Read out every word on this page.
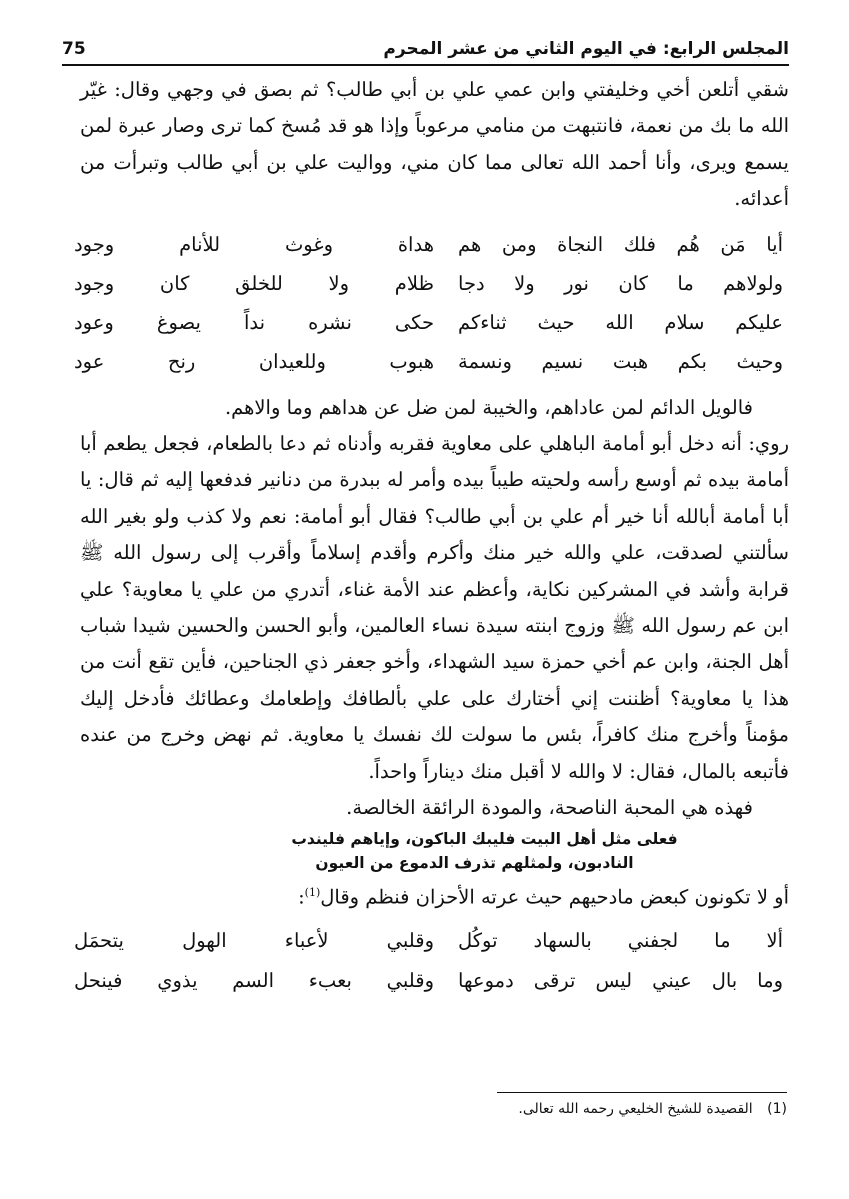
75	المجلس الرابع: في اليوم الثاني من عشر المحرم

شقي أتلعن أخي وخليفتي وابن عمي علي بن أبي طالب؟ ثم بصق في وجهي وقال: غيّر الله ما بك من نعمة، فانتبهت من منامي مرعوباً وإذا هو قد مُسخ كما ترى وصار عبرة لمن يسمع ويرى، وأنا أحمد الله تعالى مما كان مني، ووالیت علي بن أبي طالب وتبرأت من أعدائه.

أيا مَن هُم فلك النجاة ومن هم
هداة وغوث للأنام وجود
ولولاهم ما كان نور ولا دجا
ظلام ولا للخلق كان وجود
عليكم سلام الله حيث ثناءكم
حكى نشره نداً يصوغ وعود
وحيث بكم هبت نسيم ونسمة
هبوب وللعيدان رنح عود

فالويل الدائم لمن عاداهم، والخيبة لمن ضل عن هداهم وما والاهم.

روي: أنه دخل أبو أمامة الباهلي على معاوية فقربه وأدناه ثم دعا بالطعام، فجعل يطعم أبا أمامة بيده ثم أوسع رأسه ولحيته طيباً بيده وأمر له ببدرة من دنانير فدفعها إليه ثم قال: يا أبا أمامة أبالله أنا خير أم علي بن أبي طالب؟ فقال أبو أمامة: نعم ولا كذب ولو بغير الله سألتني لصدقت، علي والله خير منك وأكرم وأقدم إسلاماً وأقرب إلى رسول الله ﷺ قرابة وأشد في المشركين نكاية، وأعظم عند الأمة غناء، أتدري من علي يا معاوية؟ علي ابن عم رسول الله ﷺ وزوج ابنته سيدة نساء العالمين، وأبو الحسن والحسين شيدا شباب أهل الجنة، وابن عم أخي حمزة سيد الشهداء، وأخو جعفر ذي الجناحين، فأين تقع أنت من هذا يا معاوية؟ أظننت إني أختارك على علي بألطافك وإطعامك وعطائك فأدخل إليك مؤمناً وأخرج منك كافراً، بئس ما سولت لك نفسك يا معاوية. ثم نهض وخرج من عنده فأتبعه بالمال، فقال: لا والله لا أقبل منك ديناراً واحداً.

فهذه هي المحبة الناصحة، والمودة الرائقة الخالصة.

فعلى مثل أهل البيت فليبك الباكون، وإياهم فليندب
النادبون، ولمثلهم تذرف الدموع من العيون

أو لا تكونون كبعض مادحيهم حيث عرته الأحزان فنظم وقال$^{(1)}$:

ألا ما لجفني بالسهاد توكُل
وقلبي لأعباء الهول يتحمَل
وما بال عيني ليس ترقى دموعها
وقلبي بعبء السم يذوي فينحل
(1) القصيدة للشيخ الخليعي رحمه الله تعالى.
